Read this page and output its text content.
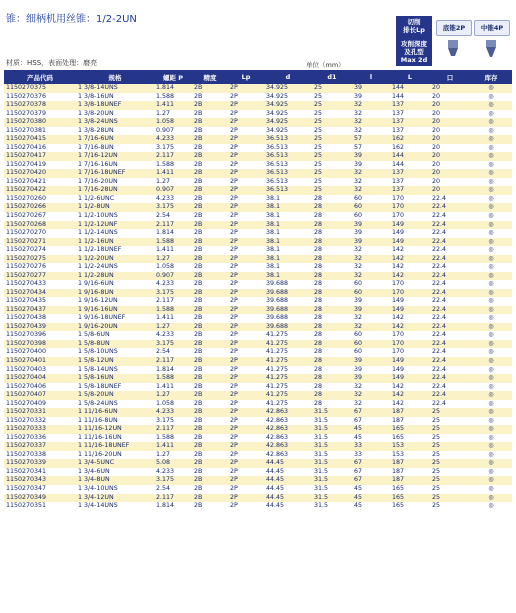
锥：细柄机用丝锥：1/2-2UN	切削
排长Lp
攻削深度
及孔型
Max 2d
底锥2P	中锥4P
材质：HSS，表面处理：磨亮	单位（mm）
产品代码	规格	螺距 P	精度	Lp	d	d1	l	L	口	库存
1150270375	1 3/8-14UNS	1.814	2B	2P	34.925	25	39	144	20	◎
1150270376	1 3/8-16UN	1.588	2B	2P	34.925	25	39	144	20	◎
1150270378	1 3/8-18UNEF	1.411	2B	2P	34.925	25	32	137	20	◎
1150270379	1 3/8-20UN	1.27	2B	2P	34.925	25	32	137	20	◎
1150270380	1 3/8-24UNS	1.058	2B	2P	34.925	25	32	137	20	◎
1150270381	1 3/8-28UN	0.907	2B	2P	34.925	25	32	137	20	◎
1150270415	1 7/16-6UN	4.233	2B	2P	36.513	25	57	162	20	◎
1150270416	1 7/16-8UN	3.175	2B	2P	36.513	25	57	162	20	◎
1150270417	1 7/16-12UN	2.117	2B	2P	36.513	25	39	144	20	◎
1150270419	1 7/16-16UN	1.588	2B	2P	36.513	25	39	144	20	◎
1150270420	1 7/16-18UNEF	1.411	2B	2P	36.513	25	32	137	20	◎
1150270421	1 7/16-20UN	1.27	2B	2P	36.513	25	32	137	20	◎
1150270422	1 7/16-28UN	0.907	2B	2P	36.513	25	32	137	20	◎
1150270260	1 1/2-6UNC	4.233	2B	2P	38.1	28	60	170	22.4	◎
1150270266	1 1/2-8UN	3.175	2B	2P	38.1	28	60	170	22.4	◎
1150270267	1 1/2-10UNS	2.54	2B	2P	38.1	28	60	170	22.4	◎
1150270268	1 1/2-12UNF	2.117	2B	2P	38.1	28	39	149	22.4	◎
1150270270	1 1/2-14UNS	1.814	2B	2P	38.1	28	39	149	22.4	◎
1150270271	1 1/2-16UN	1.588	2B	2P	38.1	28	39	149	22.4	◎
1150270274	1 1/2-18UNEF	1.411	2B	2P	38.1	28	32	142	22.4	◎
1150270275	1 1/2-20UN	1.27	2B	2P	38.1	28	32	142	22.4	◎
1150270276	1 1/2-24UNS	1.058	2B	2P	38.1	28	32	142	22.4	◎
1150270277	1 1/2-28UN	0.907	2B	2P	38.1	28	32	142	22.4	◎
1150270433	1 9/16-6UN	4.233	2B	2P	39.688	28	60	170	22.4	◎
1150270434	1 9/16-8UN	3.175	2B	2P	39.688	28	60	170	22.4	◎
1150270435	1 9/16-12UN	2.117	2B	2P	39.688	28	39	149	22.4	◎
1150270437	1 9/16-16UN	1.588	2B	2P	39.688	28	39	149	22.4	◎
1150270438	1 9/16-18UNEF	1.411	2B	2P	39.688	28	32	142	22.4	◎
1150270439	1 9/16-20UN	1.27	2B	2P	39.688	28	32	142	22.4	◎
1150270396	1 5/8-6UN	4.233	2B	2P	41.275	28	60	170	22.4	◎
1150270398	1 5/8-8UN	3.175	2B	2P	41.275	28	60	170	22.4	◎
1150270400	1 5/8-10UNS	2.54	2B	2P	41.275	28	60	170	22.4	◎
1150270401	1 5/8-12UN	2.117	2B	2P	41.275	28	39	149	22.4	◎
1150270403	1 5/8-14UNS	1.814	2B	2P	41.275	28	39	149	22.4	◎
1150270404	1 5/8-16UN	1.588	2B	2P	41.275	28	39	149	22.4	◎
1150270406	1 5/8-18UNEF	1.411	2B	2P	41.275	28	32	142	22.4	◎
1150270407	1 5/8-20UN	1.27	2B	2P	41.275	28	32	142	22.4	◎
1150270409	1 5/8-24UNS	1.058	2B	2P	41.275	28	32	142	22.4	◎
1150270331	1 11/16-6UN	4.233	2B	2P	42.863	31.5	67	187	25	◎
1150270332	1 11/16-8UN	3.175	2B	2P	42.863	31.5	67	187	25	◎
1150270333	1 11/16-12UN	2.117	2B	2P	42.863	31.5	45	165	25	◎
1150270336	1 11/16-16UN	1.588	2B	2P	42.863	31.5	45	165	25	◎
1150270337	1 11/16-18UNEF	1.411	2B	2P	42.863	31.5	33	153	25	◎
1150270338	1 11/16-20UN	1.27	2B	2P	42.863	31.5	33	153	25	◎
1150270339	1 3/4-5UNC	5.08	2B	2P	44.45	31.5	67	187	25	◎
1150270341	1 3/4-6UN	4.233	2B	2P	44.45	31.5	67	187	25	◎
1150270343	1 3/4-8UN	3.175	2B	2P	44.45	31.5	67	187	25	◎
1150270347	1 3/4-10UNS	2.54	2B	2P	44.45	31.5	45	165	25	◎
1150270349	1 3/4-12UN	2.117	2B	2P	44.45	31.5	45	165	25	◎
1150270351	1 3/4-14UNS	1.814	2B	2P	44.45	31.5	45	165	25	◎
